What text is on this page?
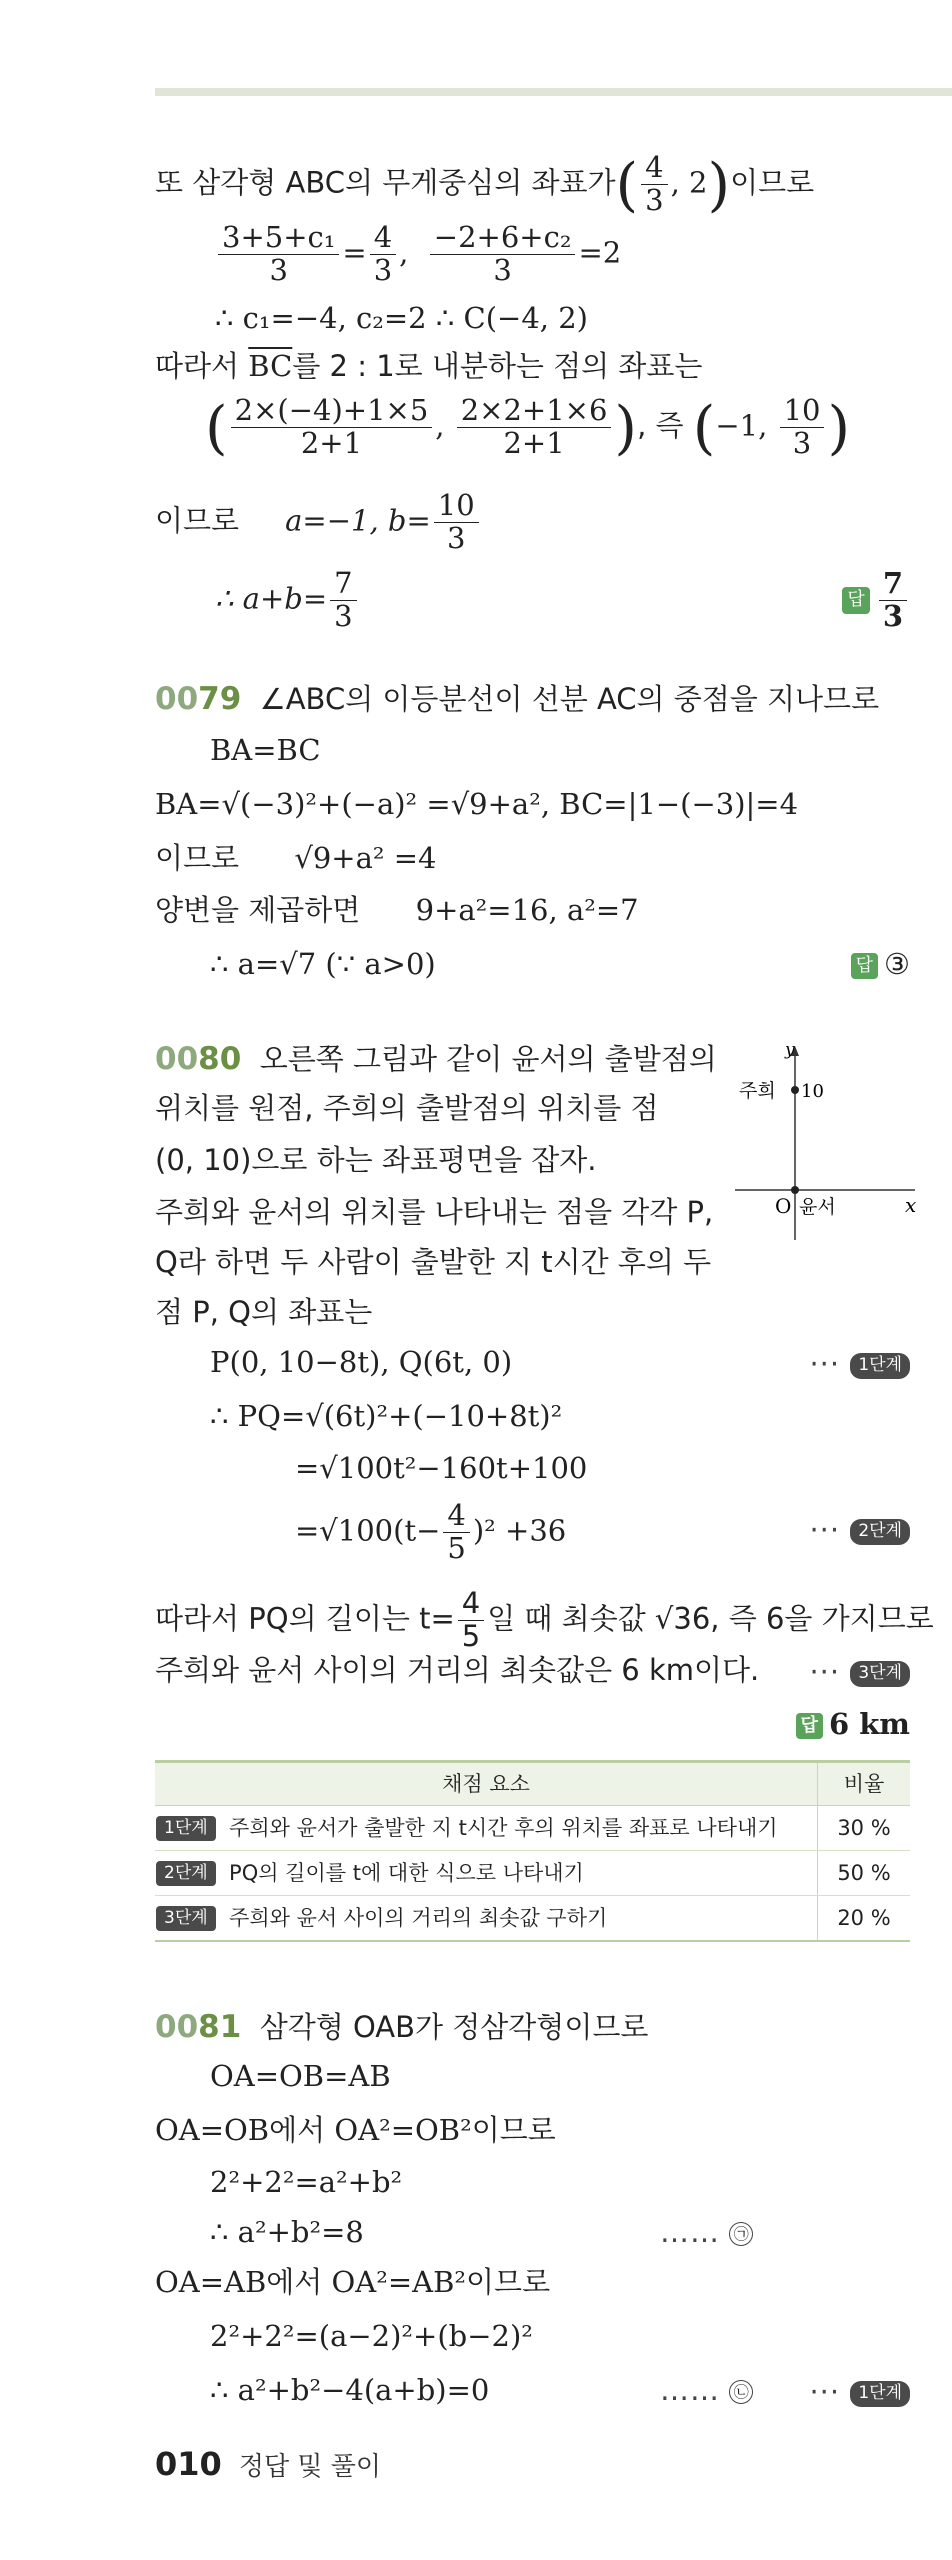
또 삼각형 ABC의 무게중심의 좌표가( $\frac{4}{3}$ , 2)이므로
$\frac{\text{3+5+c₁}}{3} = \frac{4}{3}$ , $\frac{\text{−2+6+c₂}}{3} =2$
∴ c₁=−4, c₂=2 ∴ C(−4, 2)
따라서 $\overline{BC}$를 2 : 1로 내분하는 점의 좌표는
( $\frac{2\times(-4)+1\times 5}{2+1}$ , $\frac{2\times 2+1\times 6}{2+1}$ ), 즉 (−1, $\frac{10}{3}$ )
이므로 a=−1, $b= \frac{10}{3}$
∴ $a+b= \frac{7}{3}$	답 $\frac{7}{3}$
0079 ∠ABC의 이등분선이 선분 AC의 중점을 지나므로
BA=BC
BA=√(−3)²+(−a)² =√9+a², BC=|1−(−3)|=4
이므로 √9+a² =4
양변을 제곱하면 9+a²=16, a²=7
∴ a=√7 (∵ a>0)	답 ③
0080 오른쪽 그림과 같이 윤서의 출발점의
위치를 원점, 주희의 출발점의 위치를 점
(0, 10)으로 하는 좌표평면을 잡자.
주희와 윤서의 위치를 나타내는 점을 각각 P,
Q라 하면 두 사람이 출발한 지 t시간 후의 두
점 P, Q의 좌표는
y
x
O
10
주희
윤서
P(0, 10−8t), Q(6t, 0)	··· 1단계
∴ PQ=√(6t)²+(−10+8t)²
=√100t²−160t+100
$=√100(t- \frac{4}{5} )^2 +36$	··· 2단계
따라서 PQ의 길이는 $t= \frac{4}{5}$ 일 때 최솟값 √36, 즉 6을 가지므로
주희와 윤서 사이의 거리의 최솟값은 6 km이다. ··· 3단계
답 6 km
채점 요소	비율
1단계 주희와 윤서가 출발한 지 t시간 후의 위치를 좌표로 나타내기	30 %
2단계 PQ의 길이를 t에 대한 식으로 나타내기	50 %
3단계 주희와 윤서 사이의 거리의 최솟값 구하기	20 %
0081 삼각형 OAB가 정삼각형이므로
OA=OB=AB
OA=OB에서 OA²=OB²이므로
2²+2²=a²+b²
∴ a²+b²=8	…… ㉠
OA=AB에서 OA²=AB²이므로
2²+2²=(a−2)²+(b−2)²
∴ a²+b²−4(a+b)=0	…… ㉡ ··· 1단계
010 정답 및 풀이
